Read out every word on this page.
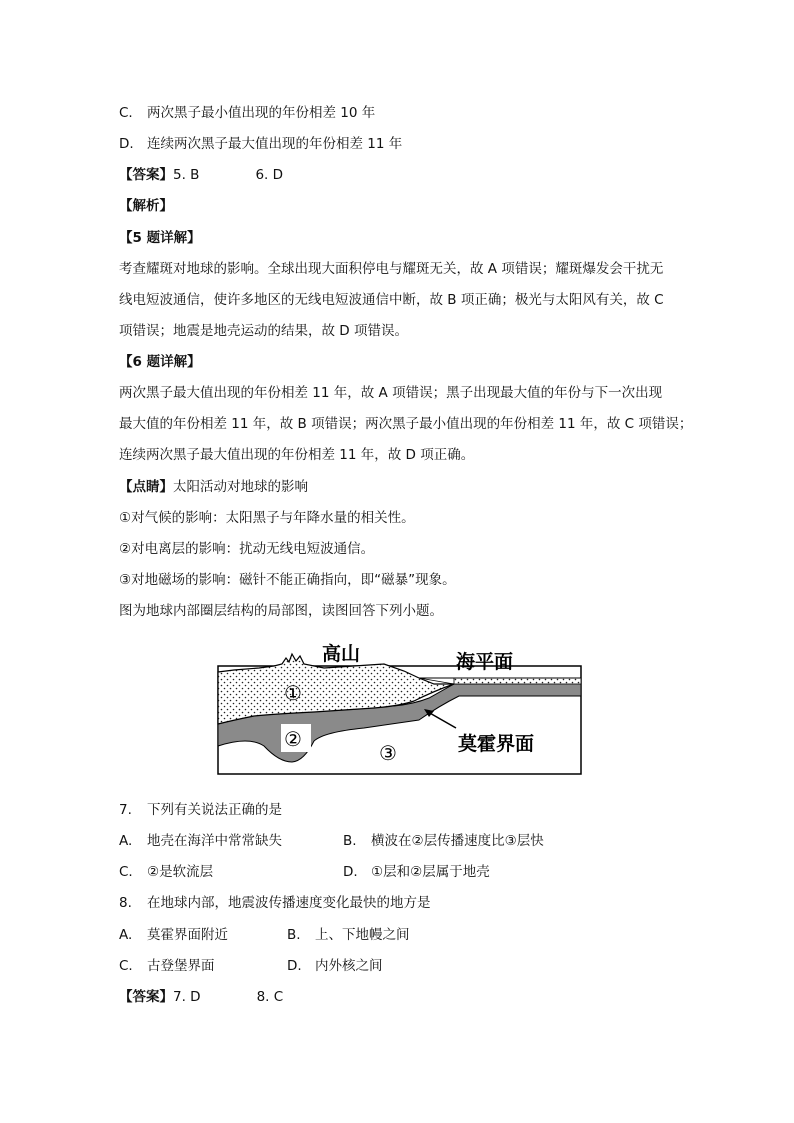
C. 两次黑子最小值出现的年份相差 10 年
D. 连续两次黑子最大值出现的年份相差 11 年
【答案】5. B	6. D
【解析】
【5 题详解】
考查耀斑对地球的影响。全球出现大面积停电与耀斑无关，故 A 项错误；耀斑爆发会干扰无
线电短波通信，使许多地区的无线电短波通信中断，故 B 项正确；极光与太阳风有关，故 C
项错误；地震是地壳运动的结果，故 D 项错误。
【6 题详解】
两次黑子最大值出现的年份相差 11 年，故 A 项错误；黑子出现最大值的年份与下一次出现
最大值的年份相差 11 年，故 B 项错误；两次黑子最小值出现的年份相差 11 年，故 C 项错误；
连续两次黑子最大值出现的年份相差 11 年，故 D 项正确。
【点睛】太阳活动对地球的影响
①对气候的影响：太阳黑子与年降水量的相关性。
②对电离层的影响：扰动无线电短波通信。
③对地磁场的影响：磁针不能正确指向，即“磁暴”现象。
图为地球内部圈层结构的局部图，读图回答下列小题。
高山	海平面
①
②
③	莫霍界面
7. 下列有关说法正确的是
A. 地壳在海洋中常常缺失	B. 横波在②层传播速度比③层快
C. ②是软流层	D. ①层和②层属于地壳
8. 在地球内部，地震波传播速度变化最快的地方是
A. 莫霍界面附近	B. 上、下地幔之间
C. 古登堡界面	D. 内外核之间
【答案】7. D	8. C
